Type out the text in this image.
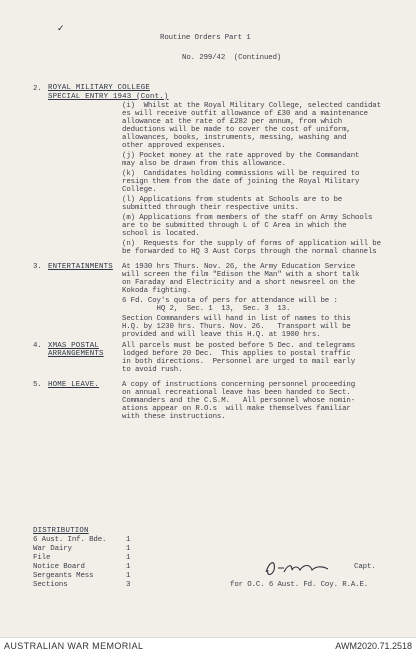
✓
Routine Orders Part 1
No. 299/42  (Continued)
2. ROYAL MILITARY COLLEGE
SPECIAL ENTRY 1943 (Cont.)
(i)  Whilst at the Royal Military College, selected candidat
es will receive outfit allowance of £30 and a maintenance
allowance at the rate of £282 per annum, from which
deductions will be made to cover the cost of uniform,
allowances, books, instruments, messing, washing and
other approved expenses.
(j) Pocket money at the rate approved by the Commandant
may also be drawn from this allowance.
(k)  Candidates holding commissions will be required to
resign them from the date of joining the Royal Military
College.
(l) Applications from students at Schools are to be
submitted through their respective units.
(m) Applications from members of the staff on Army Schools
are to be submitted through L of C Area in which the
school is located.
(n)  Requests for the supply of forms of application will be
be forwarded to HQ 3 Aust Corps through the normal channels
3. ENTERTAINMENTS At 1930 hrs Thurs. Nov. 26, the Army Education Service
will screen the film "Edison the Man" with a short talk
on Faraday and Electricity and a short newsreel on the
Kokoda fighting.
6 Fd. Coy's quota of pers for attendance will be :
HQ 2,  Sec. 1  13,  Sec. 3  13.
Section Commanders will hand in list of names to this
H.Q. by 1230 hrs. Thurs. Nov. 26.   Transport will be
provided and will leave this H.Q. at 1900 hrs.
4. XMAS POSTAL
ARRANGEMENTS
All parcels must be posted before 5 Dec. and telegrams
lodged before 20 Dec.  This applies to postal traffic
in both directions.  Personnel are urged to mail early
to avoid rush.
5. HOME LEAVE.	A copy of instructions concerning personnel proceeding
on annual recreational leave has been handed to Sect.
Commanders and the C.S.M.   All personnel whose nomin-
ations appear on R.O.s  will make themselves familiar
with these instructions.
DISTRIBUTION
6 Aust. Inf. Bde.	1
War Dairy	1
File	1
Notice Board	1
Sergeants Mess	1
Sections	3
Capt.
for O.C. 6 Aust. Fd. Coy. R.A.E.
AUSTRALIAN WAR MEMORIAL	AWM2020.71.2518
